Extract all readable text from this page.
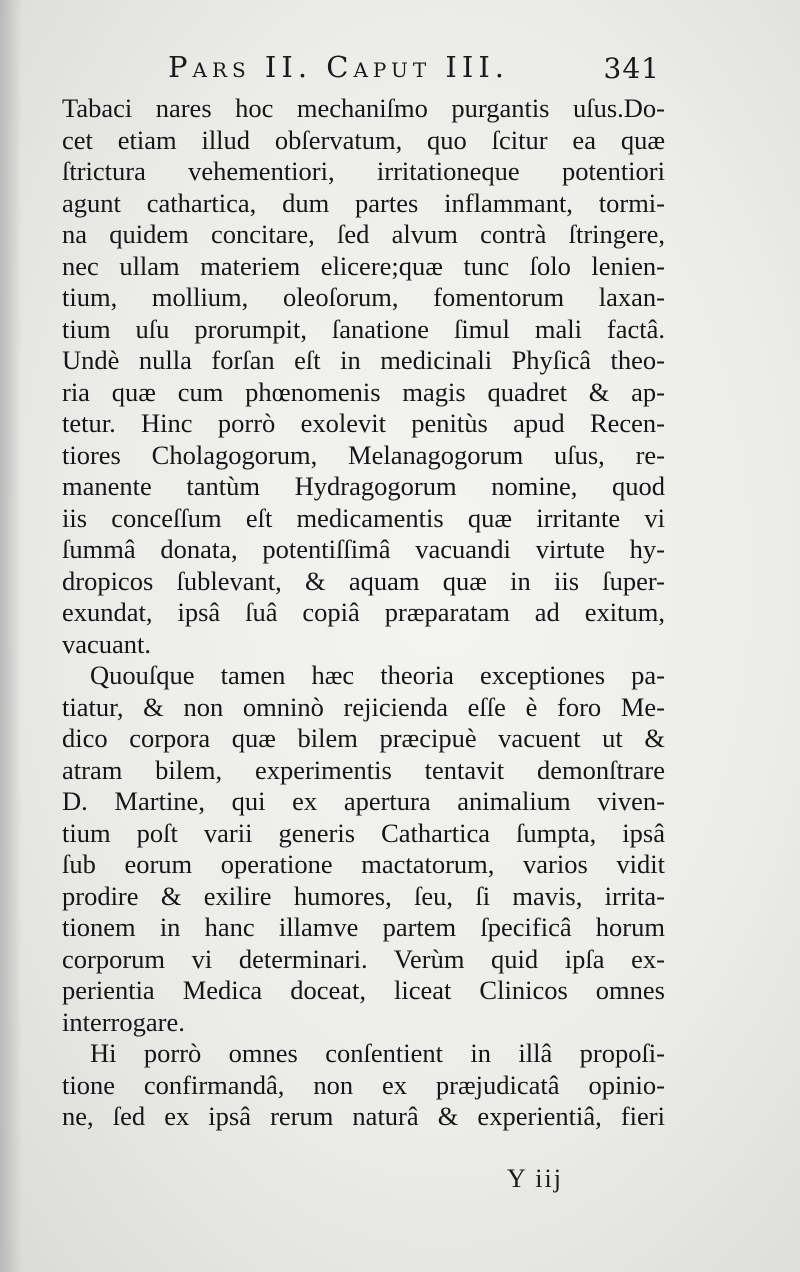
Pars II. Caput III.	341
Tabaci nares hoc mechaniſmo purgantis uſus.Do-
cet etiam illud obſervatum, quo ſcitur ea quæ
ſtrictura vehementiori, irritationeque potentiori
agunt cathartica, dum partes inflammant, tormi-
na quidem concitare, ſed alvum contrà ſtringere,
nec ullam materiem elicere;quæ tunc ſolo lenien-
tium, mollium, oleoſorum, fomentorum laxan-
tium uſu prorumpit, ſanatione ſimul mali factâ.
Undè nulla forſan eſt in medicinali Phyſicâ theo-
ria quæ cum phœnomenis magis quadret & ap-
tetur. Hinc porrò exolevit penitùs apud Recen-
tiores Cholagogorum, Melanagogorum uſus, re-
manente tantùm Hydragogorum nomine, quod
iis conceſſum eſt medicamentis quæ irritante vi
ſummâ donata, potentiſſimâ vacuandi virtute hy-
dropicos ſublevant, & aquam quæ in iis ſuper-
exundat, ipsâ ſuâ copiâ præparatam ad exitum,
vacuant.
Quouſque tamen hæc theoria exceptiones pa-
tiatur, & non omninò rejicienda eſſe è foro Me-
dico corpora quæ bilem præcipuè vacuent ut &
atram bilem, experimentis tentavit demonſtrare
D. Martine, qui ex apertura animalium viven-
tium poſt varii generis Cathartica ſumpta, ipsâ
ſub eorum operatione mactatorum, varios vidit
prodire & exilire humores, ſeu, ſi mavis, irrita-
tionem in hanc illamve partem ſpecificâ horum
corporum vi determinari. Verùm quid ipſa ex-
perientia Medica doceat, liceat Clinicos omnes
interrogare.
Hi porrò omnes conſentient in illâ propoſi-
tione confirmandâ, non ex præjudicatâ opinio-
ne, ſed ex ipsâ rerum naturâ & experientiâ, fieri
Y iij
